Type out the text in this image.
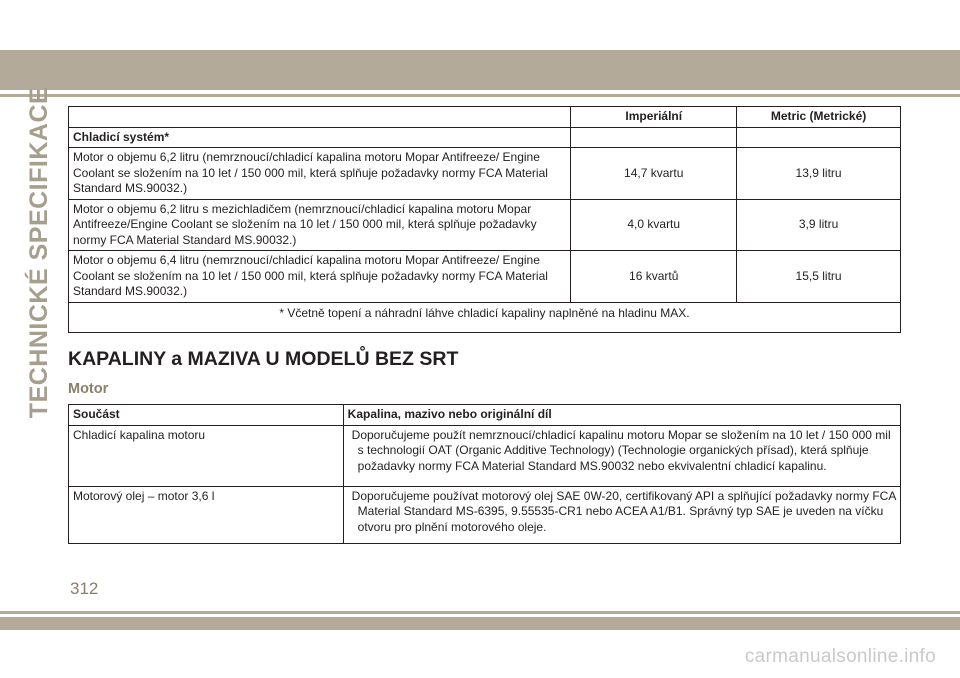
TECHNICKÉ SPECIFIKACE
		Imperiální	Metric (Metrické)
Chladicí systém*		
Motor o objemu 6,2 litru (nemrznoucí/chladicí kapalina motoru Mopar Antifreeze/ Engine Coolant se složením na 10 let / 150 000 mil, která splňuje požadavky normy FCA Material Standard MS.90032.)	14,7 kvartu	13,9 litru
Motor o objemu 6,2 litru s mezichladičem (nemrznoucí/chladicí kapalina motoru Mopar Antifreeze/Engine Coolant se složením na 10 let / 150 000 mil, která splňuje požadavky normy FCA Material Standard MS.90032.)	4,0 kvartu	3,9 litru
Motor o objemu 6,4 litru (nemrznoucí/chladicí kapalina motoru Mopar Antifreeze/ Engine Coolant se složením na 10 let / 150 000 mil, která splňuje požadavky normy FCA Material Standard MS.90032.)	16 kvartů	15,5 litru
* Včetně topení a náhradní láhve chladicí kapaliny naplněné na hladinu MAX.		
KAPALINY a MAZIVA U MODELŮ BEZ SRT
Motor
Součást	Kapalina, mazivo nebo originální díl
Chladicí kapalina motoru	Doporučujeme použít nemrznoucí/chladicí kapalinu motoru Mopar se složením na 10 let / 150 000 mil s technologií OAT (Organic Additive Technology) (Technologie organických přísad), která splňuje požadavky normy FCA Material Standard MS.90032 nebo ekvivalentní chladicí kapalinu.

Motorový olej – motor 3,6 l	Doporučujeme používat motorový olej SAE 0W-20, certifikovaný API a splňující požadavky normy FCA Material Standard MS-6395, 9.55535-CR1 nebo ACEA A1/B1. Správný typ SAE je uveden na víčku otvoru pro plnění motorového oleje.
312
carmanualsonline.info
